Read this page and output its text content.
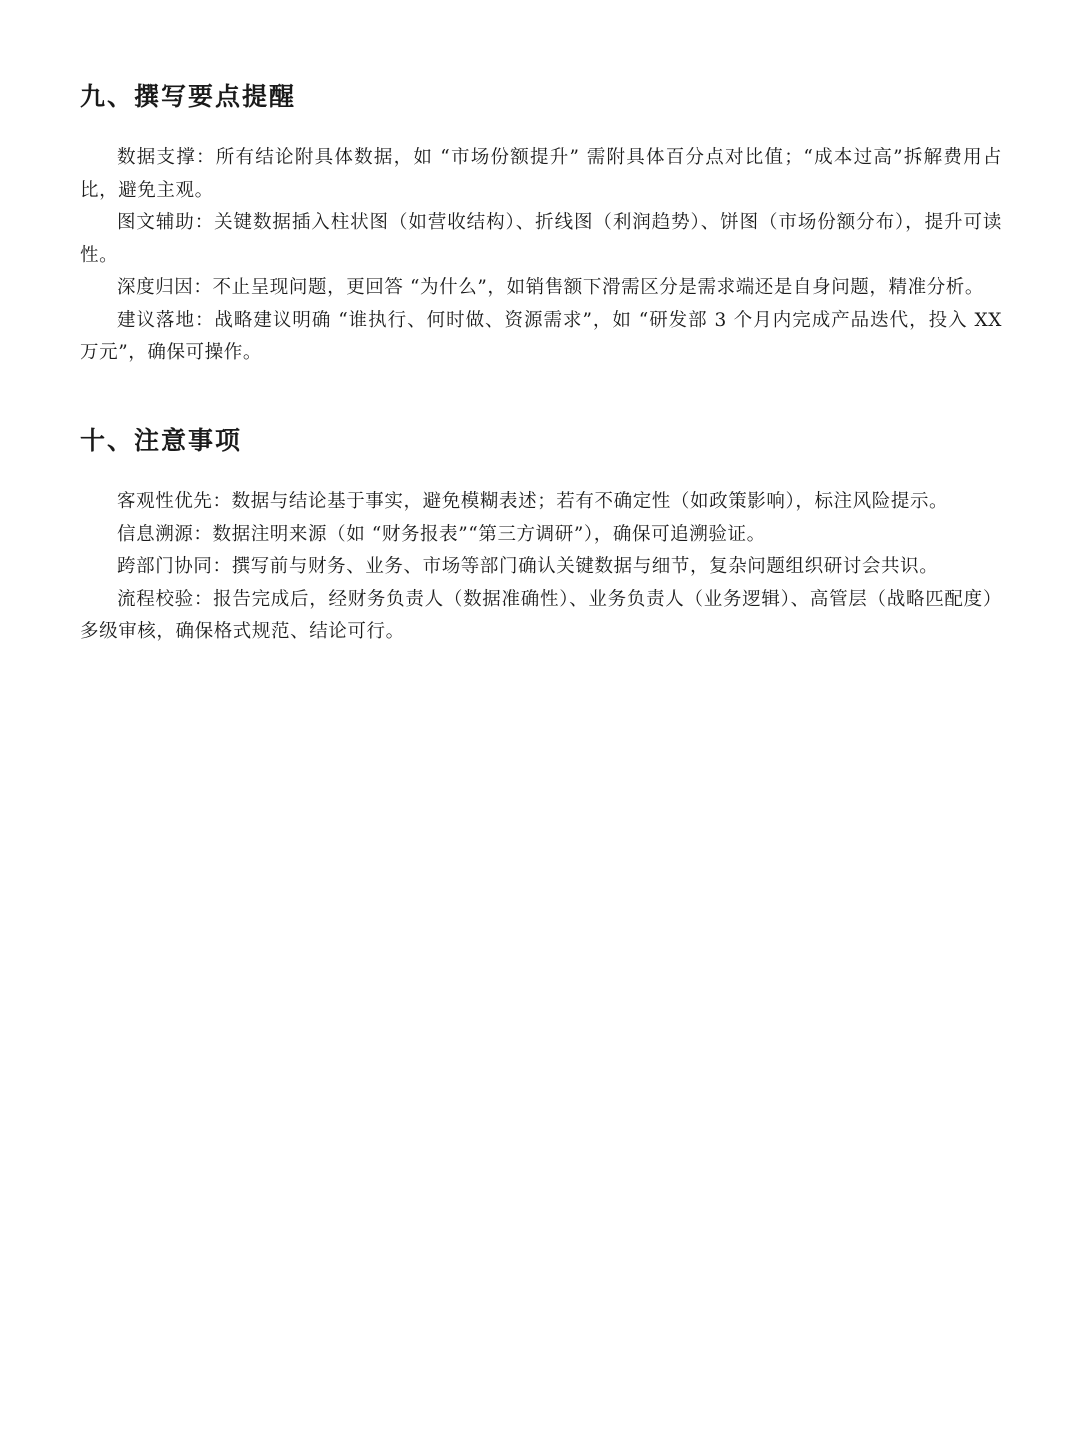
九、撰写要点提醒

数据支撑：所有结论附具体数据，如 “市场份额提升” 需附具体百分点对比值；“成本过高”拆解费用占比，避免主观。

图文辅助：关键数据插入柱状图（如营收结构）、折线图（利润趋势）、饼图（市场份额分布），提升可读性。

深度归因：不止呈现问题，更回答 “为什么”，如销售额下滑需区分是需求端还是自身问题，精准分析。

建议落地：战略建议明确 “谁执行、何时做、资源需求”，如 “研发部 3 个月内完成产品迭代，投入 XX 万元”，确保可操作。

十、注意事项

客观性优先：数据与结论基于事实，避免模糊表述；若有不确定性（如政策影响），标注风险提示。

信息溯源：数据注明来源（如 “财务报表”“第三方调研”），确保可追溯验证。

跨部门协同：撰写前与财务、业务、市场等部门确认关键数据与细节，复杂问题组织研讨会共识。

流程校验：报告完成后，经财务负责人（数据准确性）、业务负责人（业务逻辑）、高管层（战略匹配度）多级审核，确保格式规范、结论可行。
